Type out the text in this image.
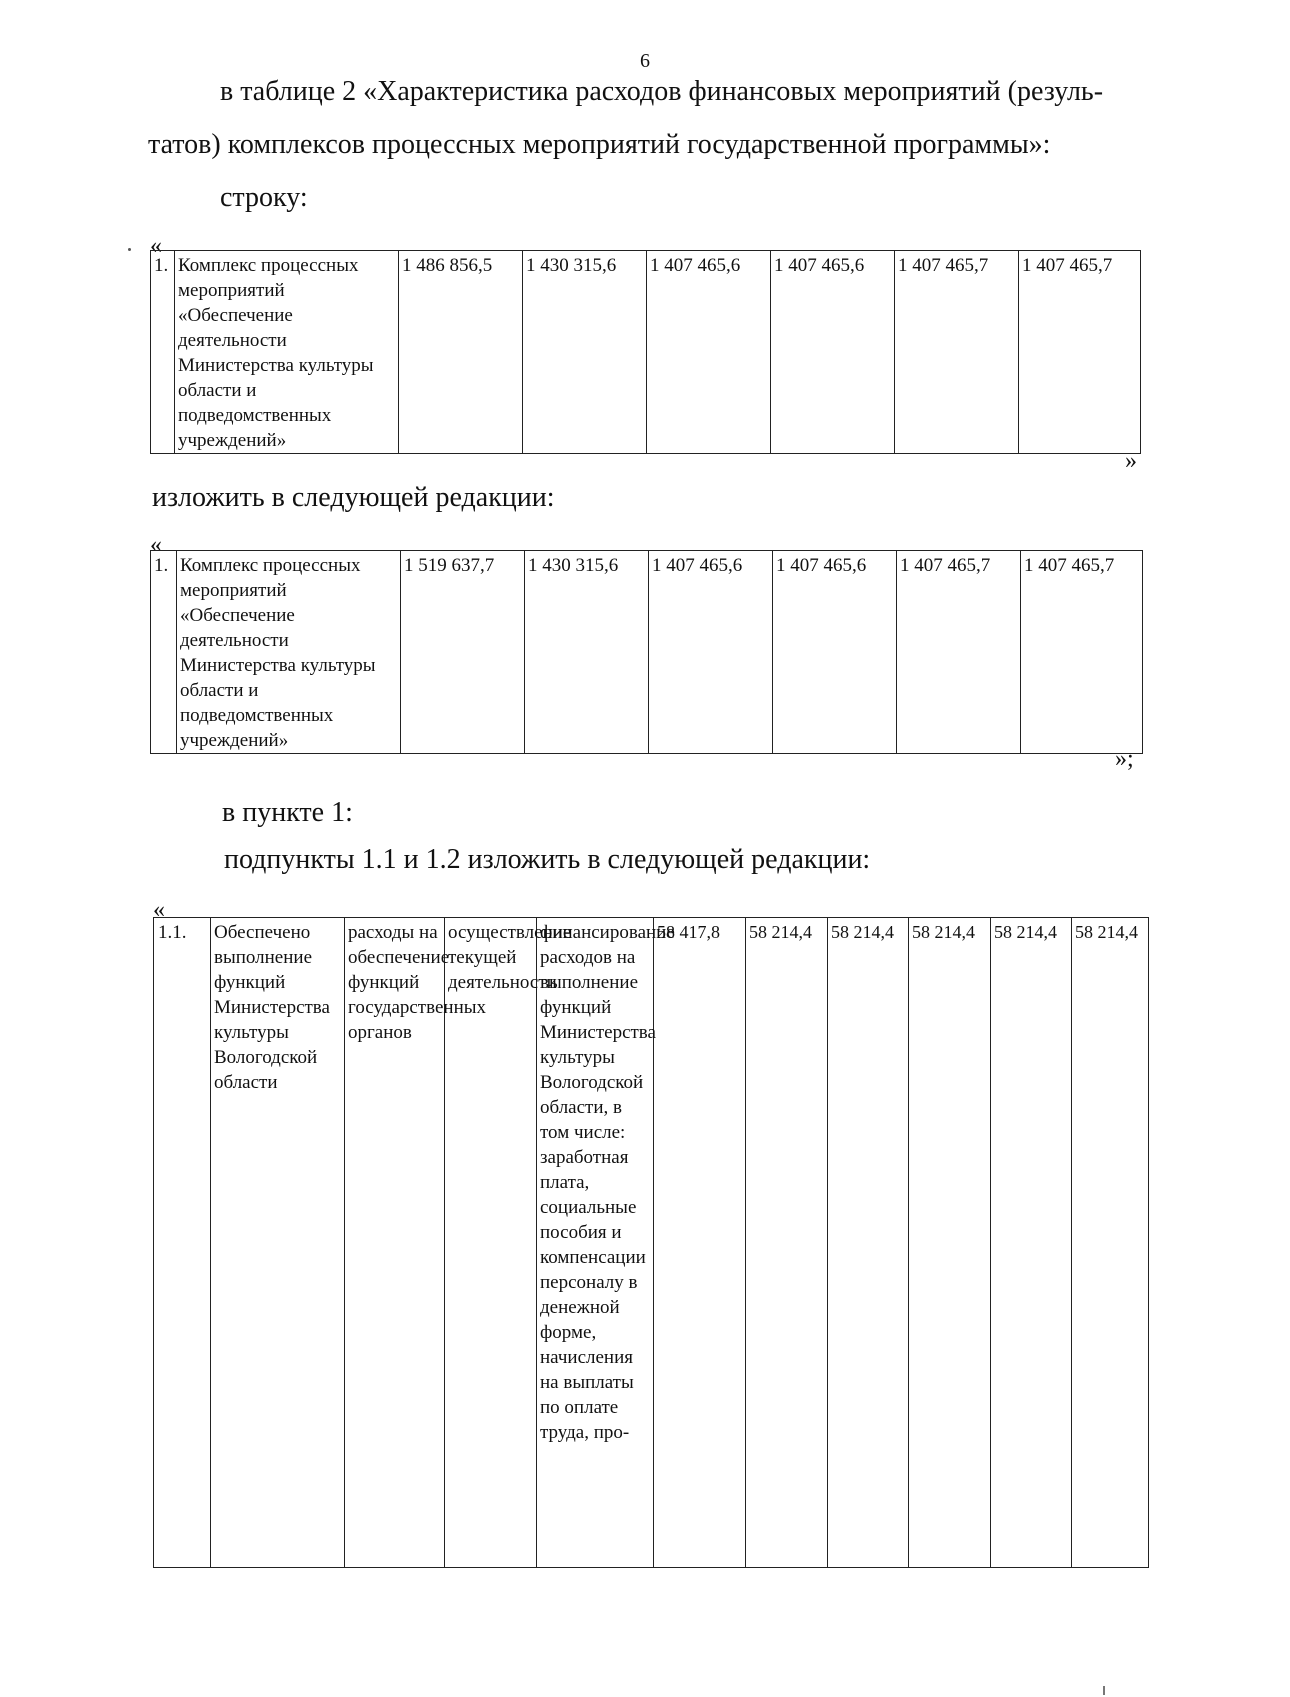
6
в таблице 2 «Характеристика расходов финансовых мероприятий (резуль-
татов) комплексов процессных мероприятий государственной программы»:
строку:
«
1.	Комплекс процессных мероприятий «Обеспечение деятельности Министерства культуры области и подведомственных учреждений»	1 486 856,5	1 430 315,6	1 407 465,6	1 407 465,6	1 407 465,7	1 407 465,7
»
изложить в следующей редакции:
«
1.	Комплекс процессных мероприятий «Обеспечение деятельности Министерства культуры области и подведомственных учреждений»	1 519 637,7	1 430 315,6	1 407 465,6	1 407 465,6	1 407 465,7	1 407 465,7
»;
в пункте 1:
подпункты 1.1 и 1.2 изложить в следующей редакции:
«
1.1.	Обеспечено выполнение функций Министерства культуры Вологодской области	расходы на обеспечение функций государственных органов	осуществление текущей деятельности	финансирование расходов на выполнение функций Министерства культуры Вологодской области, в том числе: заработная плата, социальные пособия и компенсации персоналу в денежной форме, начисления на выплаты по оплате труда, про-	58 417,8	58 214,4	58 214,4	58 214,4	58 214,4	58 214,4
